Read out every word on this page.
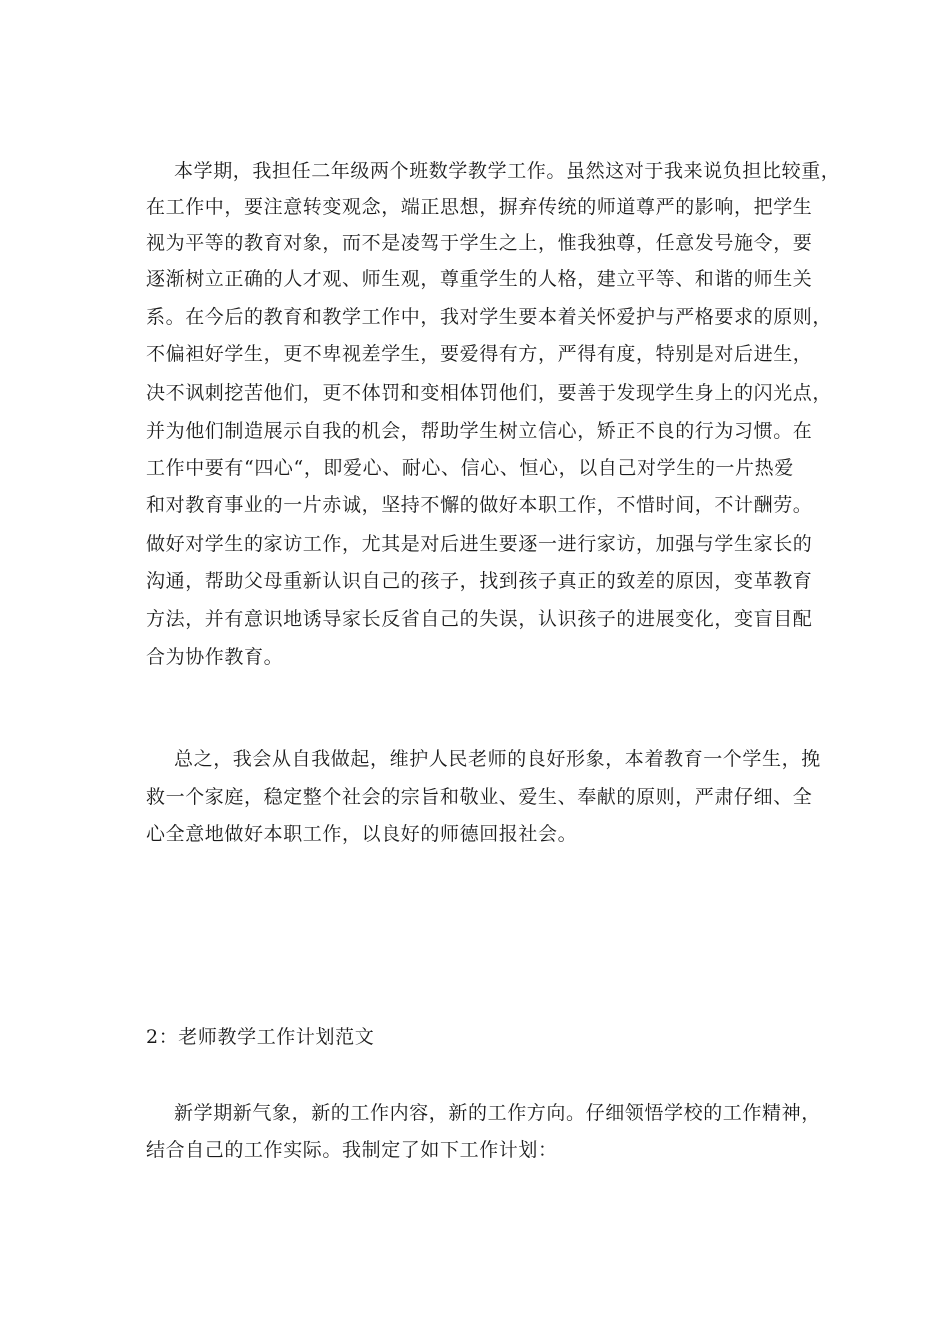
本学期，我担任二年级两个班数学教学工作。虽然这对于我来说负担比较重，
在工作中，要注意转变观念，端正思想，摒弃传统的师道尊严的影响，把学生
视为平等的教育对象，而不是凌驾于学生之上，惟我独尊，任意发号施令，要
逐渐树立正确的人才观、师生观，尊重学生的人格，建立平等、和谐的师生关
系。在今后的教育和教学工作中，我对学生要本着关怀爱护与严格要求的原则，
不偏袒好学生，更不卑视差学生，要爱得有方，严得有度，特别是对后进生，
决不讽刺挖苦他们，更不体罚和变相体罚他们，要善于发现学生身上的闪光点，
并为他们制造展示自我的机会，帮助学生树立信心，矫正不良的行为习惯。在
工作中要有“四心“，即爱心、耐心、信心、恒心，以自己对学生的一片热爱
和对教育事业的一片赤诚，坚持不懈的做好本职工作，不惜时间，不计酬劳。
做好对学生的家访工作，尤其是对后进生要逐一进行家访，加强与学生家长的
沟通，帮助父母重新认识自己的孩子，找到孩子真正的致差的原因，变革教育
方法，并有意识地诱导家长反省自己的失误，认识孩子的进展变化，变盲目配
合为协作教育。
总之，我会从自我做起，维护人民老师的良好形象，本着教育一个学生，挽
救一个家庭，稳定整个社会的宗旨和敬业、爱生、奉献的原则，严肃仔细、全
心全意地做好本职工作，以良好的师德回报社会。
2：老师教学工作计划范文
新学期新气象，新的工作内容，新的工作方向。仔细领悟学校的工作精神，
结合自己的工作实际。我制定了如下工作计划：
